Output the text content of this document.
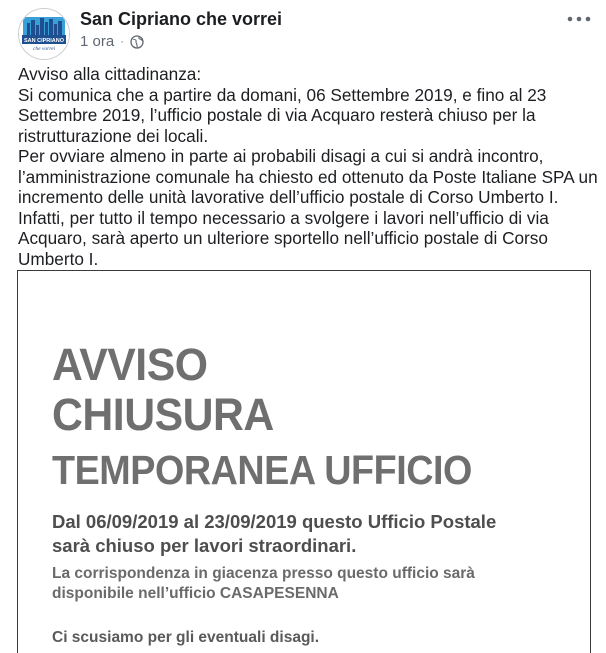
SAN CIPRIANO
che vorrei
San Cipriano che vorrei
1 ora ·

Avviso alla cittadinanza:
Si comunica che a partire da domani, 06 Settembre 2019, e fino al 23 Settembre 2019, l’ufficio postale di via Acquaro resterà chiuso per la ristrutturazione dei locali.

Per ovviare almeno in parte ai probabili disagi a cui si andrà incontro, l’amministrazione comunale ha chiesto ed ottenuto da Poste Italiane SPA un incremento delle unità lavorative dell’ufficio postale di Corso Umberto I.

Infatti, per tutto il tempo necessario a svolgere i lavori nell’ufficio di via Acquaro, sarà aperto un ulteriore sportello nell’ufficio postale di Corso Umberto I.

AVVISO
CHIUSURA
TEMPORANEA UFFICIO
Dal 06/09/2019 al 23/09/2019 questo Ufficio Postale
sarà chiuso per lavori straordinari.
La corrispondenza in giacenza presso questo ufficio sarà
disponibile nell’ufficio CASAPESENNA
Ci scusiamo per gli eventuali disagi.
